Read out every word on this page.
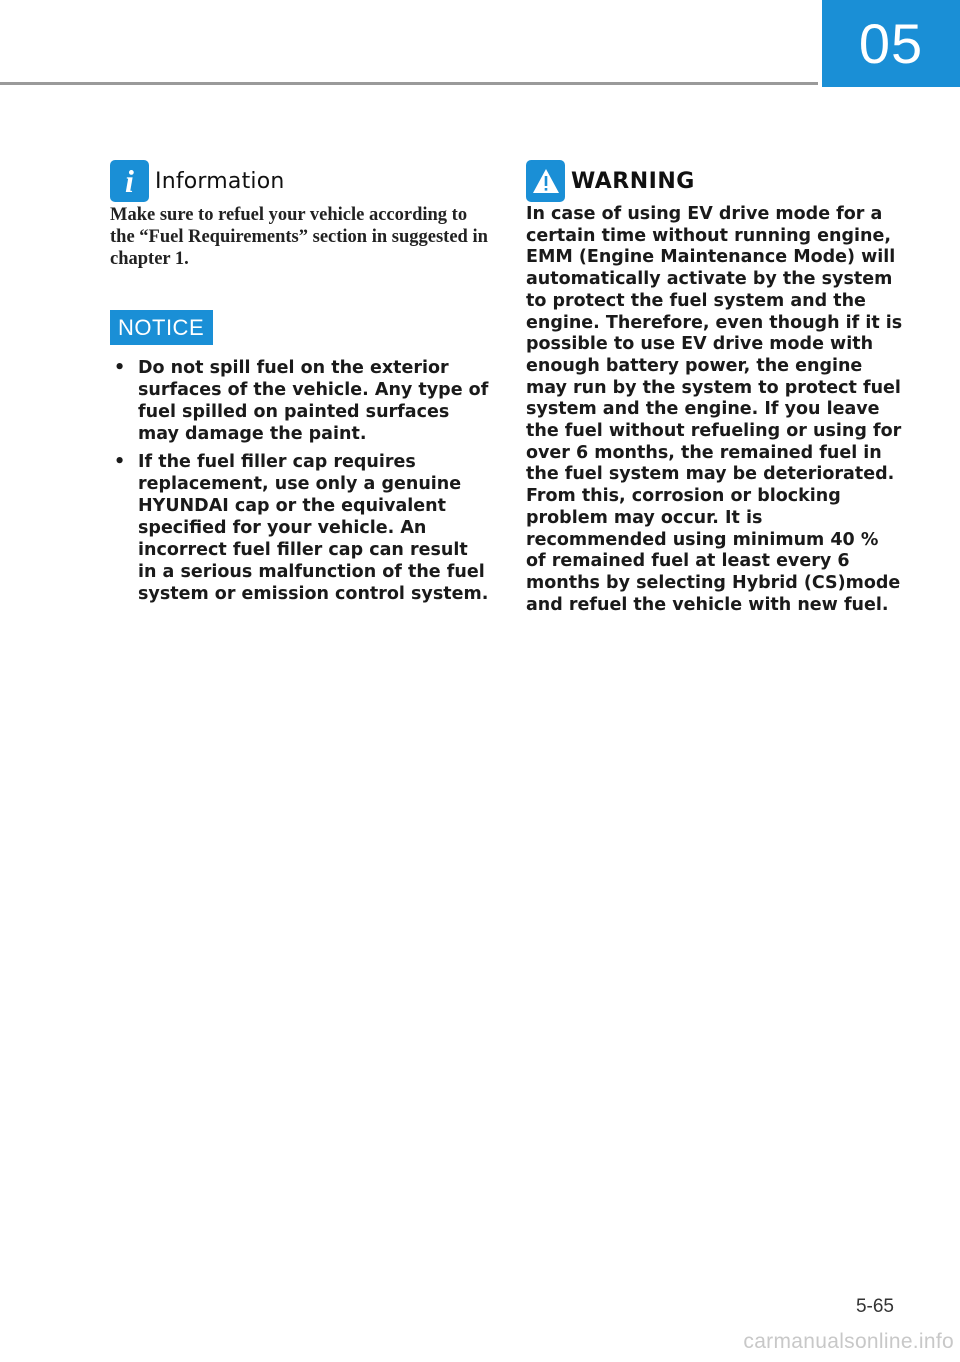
05
i Information
Make sure to refuel your vehicle according to the “Fuel Requirements” section in suggested in chapter 1.
NOTICE
• Do not spill fuel on the exterior surfaces of the vehicle. Any type of fuel spilled on painted surfaces may damage the paint.
• If the fuel filler cap requires replacement, use only a genuine HYUNDAI cap or the equivalent specified for your vehicle. An incorrect fuel filler cap can result in a serious malfunction of the fuel system or emission control system.
WARNING
In case of using EV drive mode for a certain time without running engine, EMM (Engine Maintenance Mode) will automatically activate by the system to protect the fuel system and the engine. Therefore, even though if it is possible to use EV drive mode with enough battery power, the engine may run by the system to protect fuel system and the engine. If you leave the fuel without refueling or using for over 6 months, the remained fuel in the fuel system may be deteriorated. From this, corrosion or blocking problem may occur. It is recommended using minimum 40 % of remained fuel at least every 6 months by selecting Hybrid (CS)mode and refuel the vehicle with new fuel.
5-65
carmanualsonline.info
